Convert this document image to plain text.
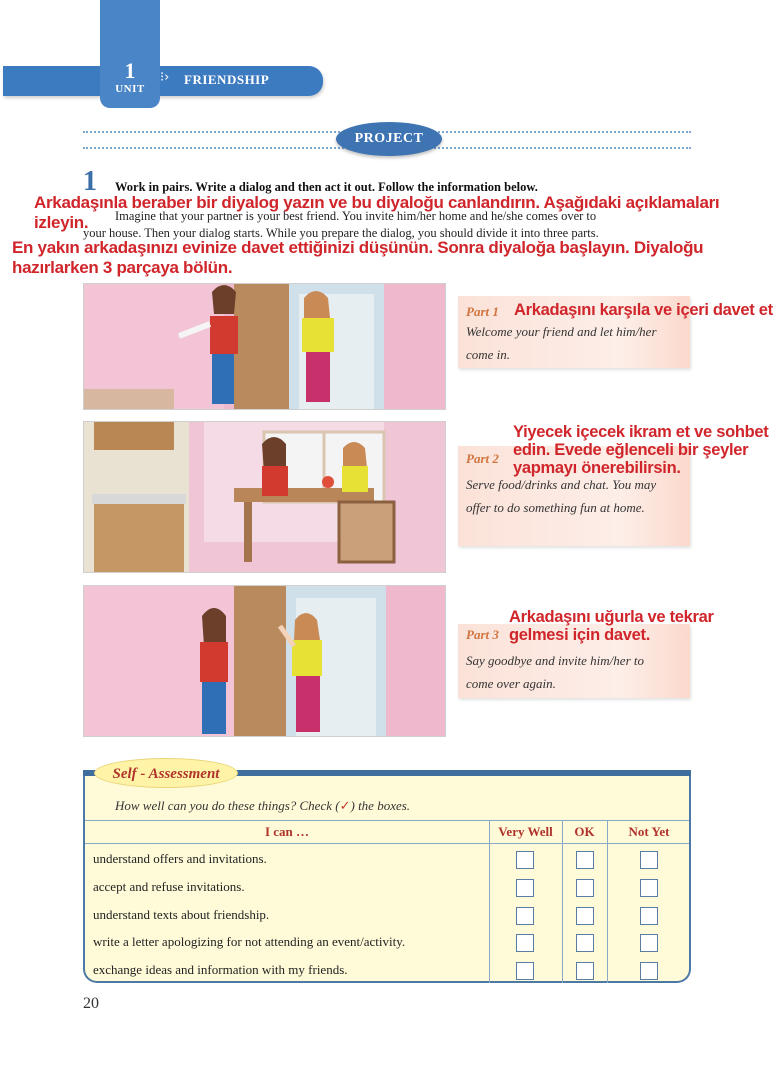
1
UNIT
⁝› FRIENDSHIP
PROJECT
1 Work in pairs. Write a dialog and then act it out. Follow the information below.
Arkadaşınla beraber bir diyalog yazın ve bu diyaloğu canlandırın. Aşağıdaki açıklamaları izleyin.	Imagine that your partner is your best friend. You invite him/her home and he/she comes over to
your house. Then your dialog starts. While you prepare the dialog, you should divide it into three parts.
En yakın arkadaşınızı evinize davet ettiğinizi düşünün. Sonra diyaloğa başlayın. Diyaloğu
hazırlarken 3 parçaya bölün.
Part 1 Arkadaşını karşıla ve içeri davet et
Welcome your friend and let him/her
come in.
Part 2
Yiyecek içecek ikram et ve sohbet
edin. Evede eğlenceli bir şeyler
yapmayı önerebilirsin.
Serve food/drinks and chat. You may
offer to do something fun at home.
Part 3
Arkadaşını uğurla ve tekrar
gelmesi için davet.
Say goodbye and invite him/her to
come over again.
Self - Assessment
How well can you do these things? Check (✓) the boxes.
I can …	Very Well	OK	Not Yet
understand offers and invitations.
accept and refuse invitations.
understand texts about friendship.
write a letter apologizing for not attending an event/activity.
exchange ideas and information with my friends.
20
